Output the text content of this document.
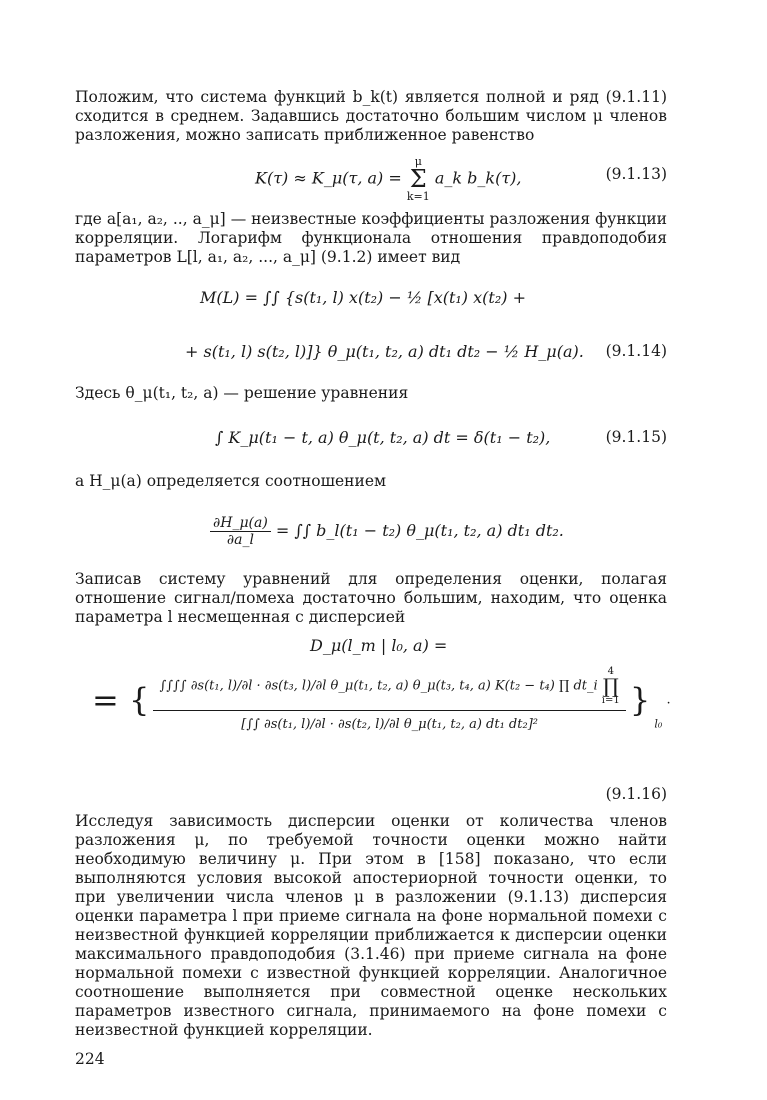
Положим, что система функций b_k(t) является полной и ряд (9.1.11) сходится в среднем. Задавшись достаточно большим числом μ членов разложения, можно записать приближенное равенство

K(τ) ≈ K_μ(τ, a) =
μ
Σ
k=1
a_k b_k(τ),	(9.1.13)

где a[a₁, a₂, .., a_μ] — неизвестные коэффициенты разложения функции корреляции. Логарифм функционала отношения правдоподобия параметров L[l, a₁, a₂, ..., a_μ] (9.1.2) имеет вид

M(L) = ∫∫ {s(t₁, l) x(t₂) − ½ [x(t₁) x(t₂) +
+ s(t₁, l) s(t₂, l)]} θ_μ(t₁, t₂, a) dt₁ dt₂ − ½ H_μ(a). (9.1.14)

Здесь θ_μ(t₁, t₂, a) — решение уравнения

∫ K_μ(t₁ − t, a) θ_μ(t, t₂, a) dt = δ(t₁ − t₂),	(9.1.15)

а H_μ(a) определяется соотношением

$\frac{\partial H\_\mu(a)}{\partial a\_l}$ = ∫∫ b_l(t₁ − t₂) θ_μ(t₁, t₂, a) dt₁ dt₂.

Записав систему уравнений для определения оценки, полагая отношение сигнал/помеха достаточно большим, находим, что оценка параметра l несмещенная с дисперсией

D_μ(l_m | l₀, a) =
= { ∫∫∫∫ ∂s(t₁, l)/∂l · ∂s(t₃, l)/∂l θ_μ(t₁, t₂, a) θ_μ(t₃, t₄, a) K(t₂ − t₄) ∏ dt_i
4
∏
i=1
[∫∫ ∂s(t₁, l)/∂l · ∂s(t₂, l)/∂l θ_μ(t₁, t₂, a) dt₁ dt₂]²
} $_{l_0}$ .
(9.1.16)

Исследуя зависимость дисперсии оценки от количества членов разложения μ, по требуемой точности оценки можно найти необходимую величину μ. При этом в [158] показано, что если выполняются условия высокой апостериорной точности оценки, то при увеличении числа членов μ в разложении (9.1.13) дисперсия оценки параметра l при приеме сигнала на фоне нормальной помехи с неизвестной функцией корреляции приближается к дисперсии оценки максимального правдоподобия (3.1.46) при приеме сигнала на фоне нормальной помехи с известной функцией корреляции. Аналогичное соотношение выполняется при совместной оценке нескольких параметров известного сигнала, принимаемого на фоне помехи с неизвестной функцией корреляции.

224
